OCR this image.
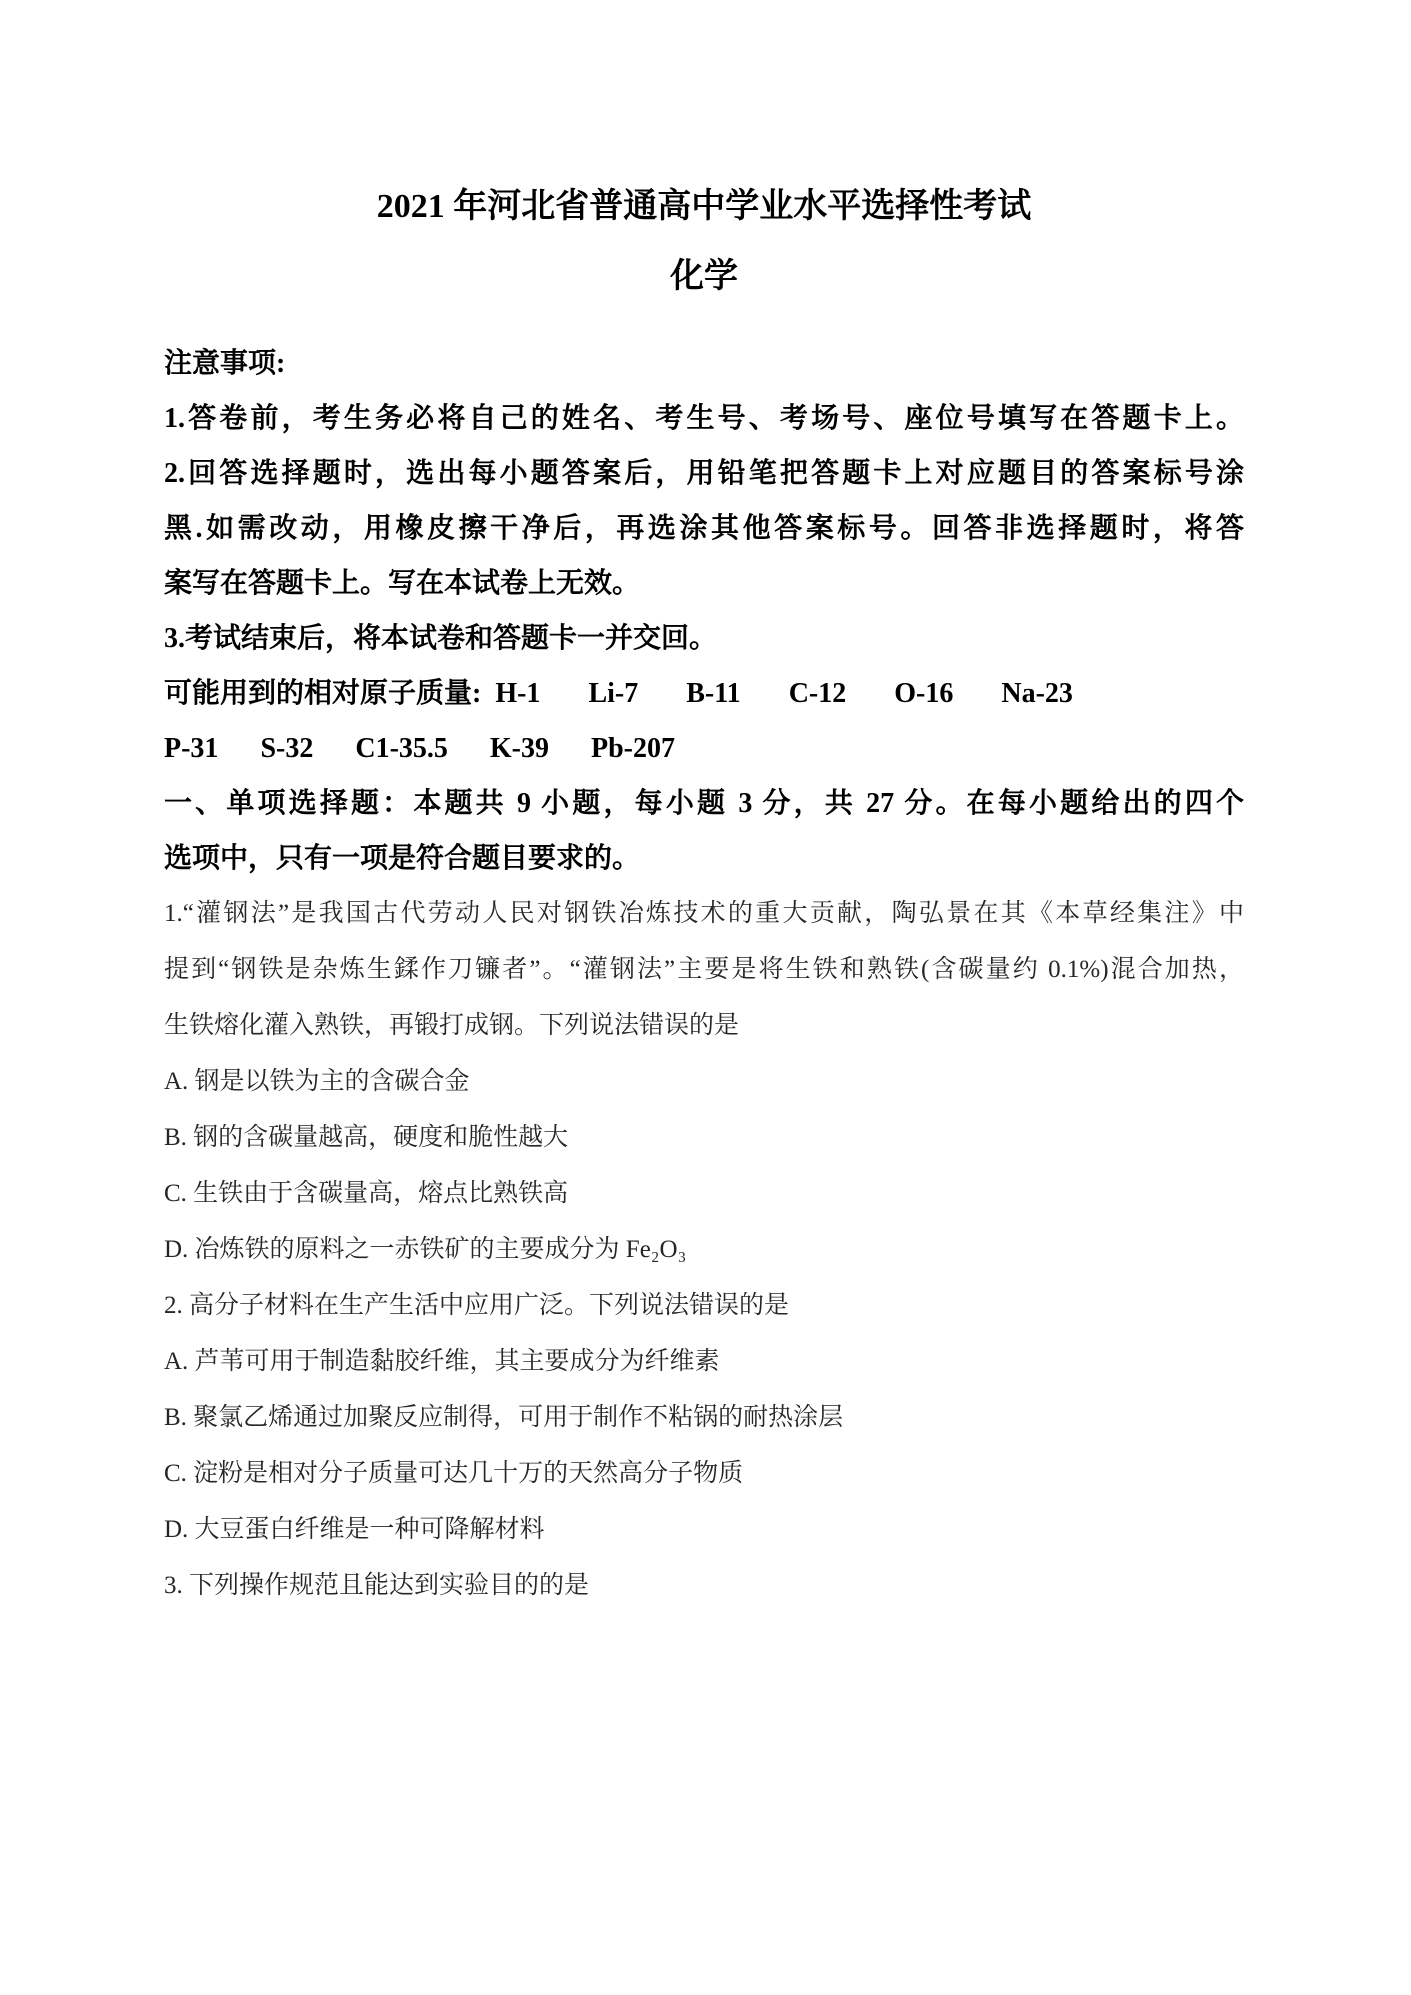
2021 年河北省普通高中学业水平选择性考试
化学
注意事项:
1.答卷前，考生务必将自己的姓名、考生号、考场号、座位号填写在答题卡上。
2.回答选择题时，选出每小题答案后，用铅笔把答题卡上对应题目的答案标号涂
黑.如需改动，用橡皮擦干净后，再选涂其他答案标号。回答非选择题时，将答
案写在答题卡上。写在本试卷上无效。
3.考试结束后，将本试卷和答题卡一并交回。
可能用到的相对原子质量: H-1 Li-7 B-11 C-12 O-16 Na-23
P-31 S-32 C1-35.5 K-39 Pb-207
一、单项选择题：本题共 9 小题，每小题 3 分，共 27 分。在每小题给出的四个
选项中，只有一项是符合题目要求的。
1.“灌钢法”是我国古代劳动人民对钢铁冶炼技术的重大贡献，陶弘景在其《本草经集注》中
提到“钢铁是杂炼生鍒作刀镰者”。“灌钢法”主要是将生铁和熟铁(含碳量约 0.1%)混合加热，
生铁熔化灌入熟铁，再锻打成钢。下列说法错误的是
A. 钢是以铁为主的含碳合金
B. 钢的含碳量越高，硬度和脆性越大
C. 生铁由于含碳量高，熔点比熟铁高
D. 冶炼铁的原料之一赤铁矿的主要成分为 Fe₂O₃
2. 高分子材料在生产生活中应用广泛。下列说法错误的是
A. 芦苇可用于制造黏胶纤维，其主要成分为纤维素
B. 聚氯乙烯通过加聚反应制得，可用于制作不粘锅的耐热涂层
C. 淀粉是相对分子质量可达几十万的天然高分子物质
D. 大豆蛋白纤维是一种可降解材料
3. 下列操作规范且能达到实验目的的是
